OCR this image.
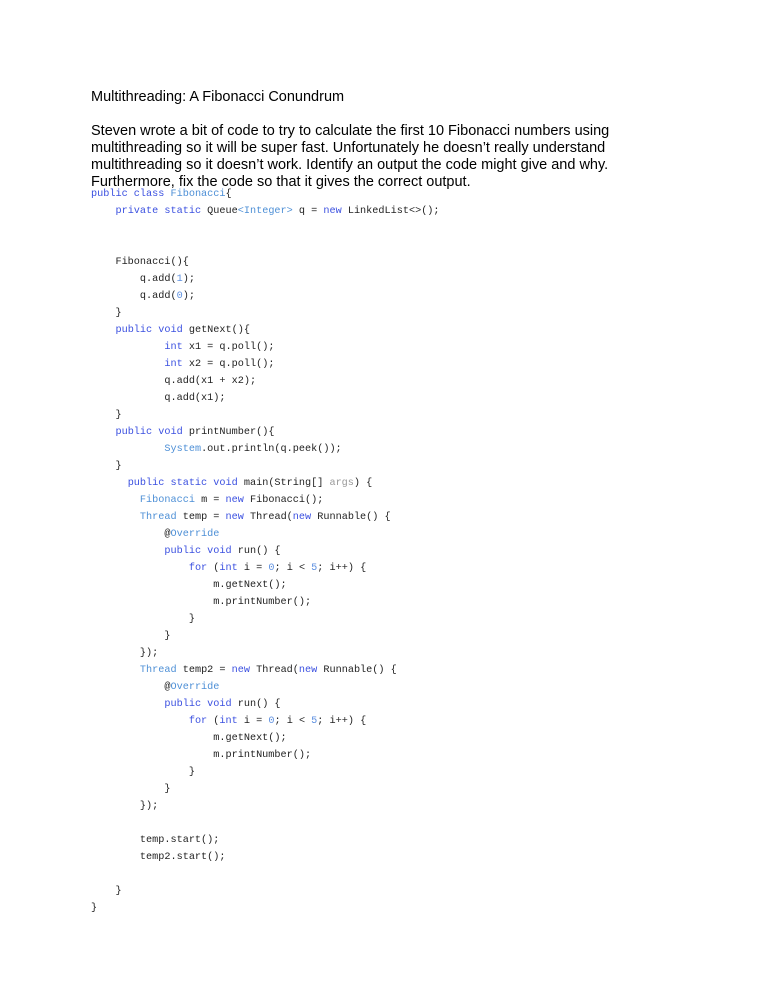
Multithreading: A Fibonacci Conundrum
Steven wrote a bit of code to try to calculate the first 10 Fibonacci numbers using multithreading so it will be super fast. Unfortunately he doesn’t really understand multithreading so it doesn’t work. Identify an output the code might give and why. Furthermore, fix the code so that it gives the correct output.
public class Fibonacci{
private static Queue<Integer> q = new LinkedList<>();
Fibonacci(){
q.add(1);
q.add(0);
}
public void getNext(){
int x1 = q.poll();
int x2 = q.poll();
q.add(x1 + x2);
q.add(x1);
}
public void printNumber(){
System.out.println(q.peek());
}
public static void main(String[] args) {
Fibonacci m = new Fibonacci();
Thread temp = new Thread(new Runnable() {
@Override
public void run() {
for (int i = 0; i < 5; i++) {
m.getNext();
m.printNumber();
}
}
});
Thread temp2 = new Thread(new Runnable() {
@Override
public void run() {
for (int i = 0; i < 5; i++) {
m.getNext();
m.printNumber();
}
}
});
temp.start();
temp2.start();
}
}
